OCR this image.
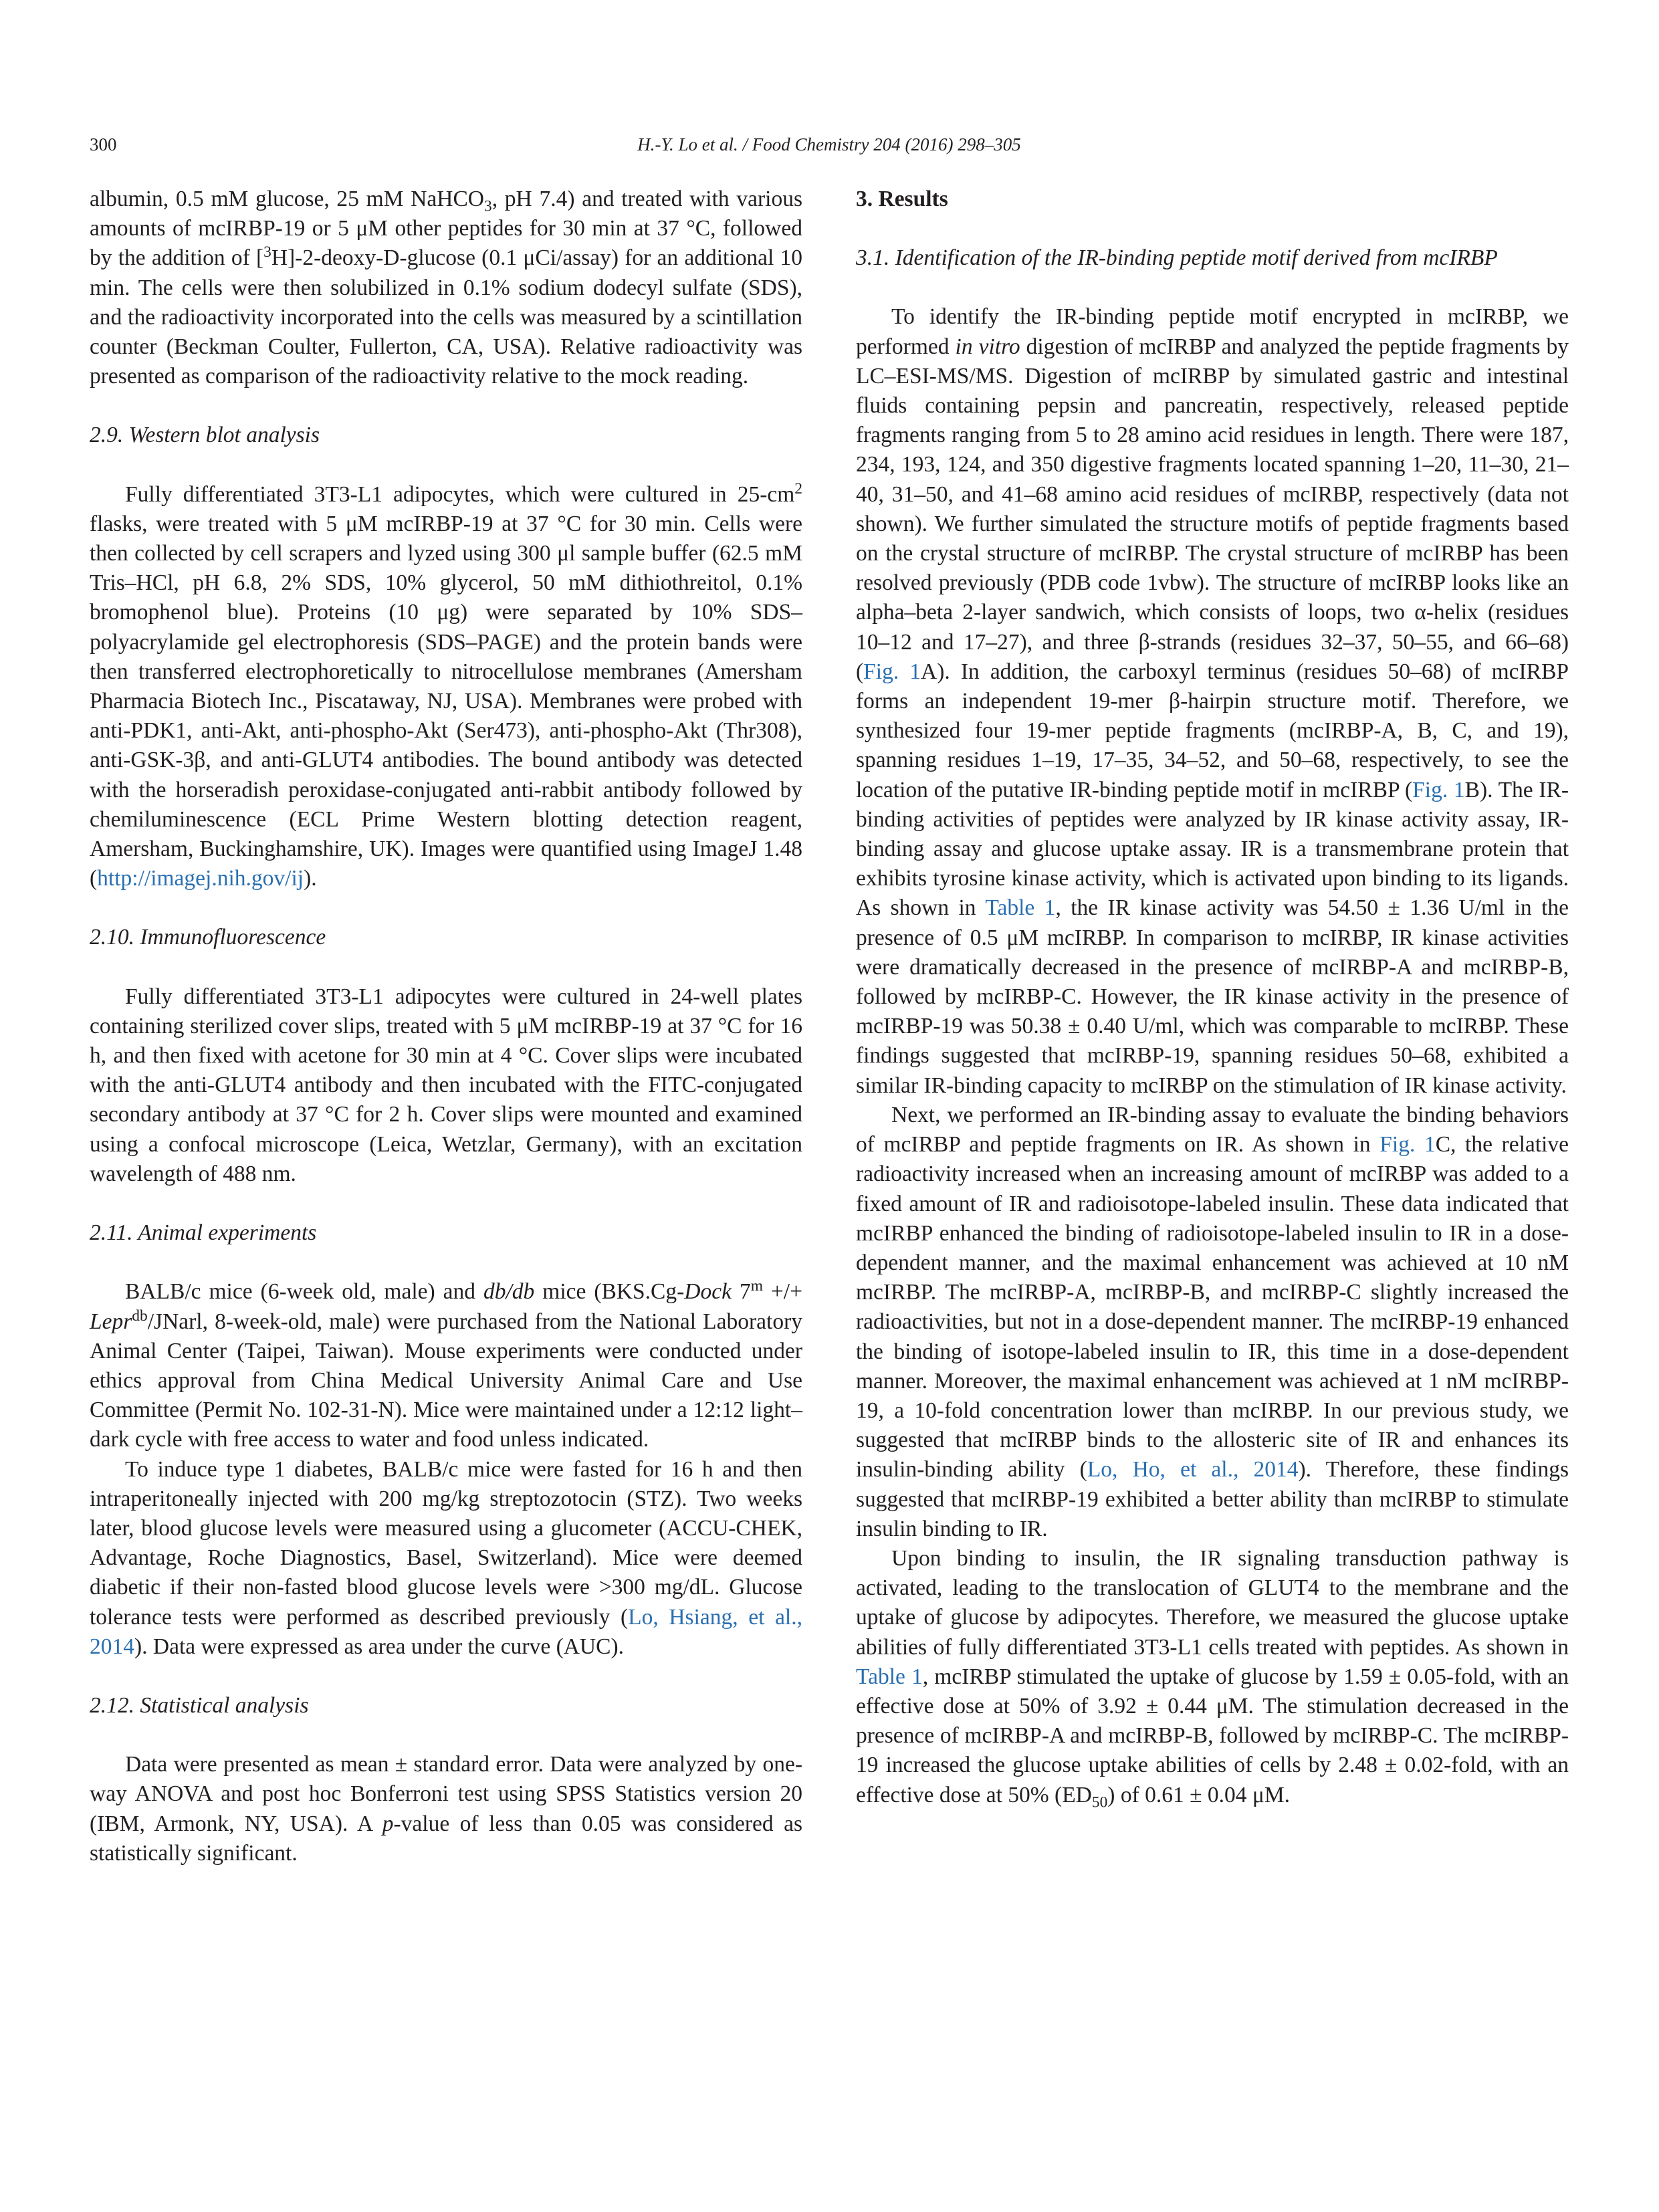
300	H.-Y. Lo et al. / Food Chemistry 204 (2016) 298–305

albumin, 0.5 mM glucose, 25 mM NaHCO$_3$, pH 7.4) and treated with various amounts of mcIRBP-19 or 5 μM other peptides for 30 min at 37 °C, followed by the addition of [$^3$H]-2-deoxy-D-glucose (0.1 μCi/assay) for an additional 10 min. The cells were then solubilized in 0.1% sodium dodecyl sulfate (SDS), and the radioactivity incorporated into the cells was measured by a scintillation counter (Beckman Coulter, Fullerton, CA, USA). Relative radioactivity was presented as comparison of the radioactivity relative to the mock reading.

2.9. Western blot analysis

Fully differentiated 3T3-L1 adipocytes, which were cultured in $25-cm^2$ flasks, were treated with 5 μM mcIRBP-19 at 37 °C for 30 min. Cells were then collected by cell scrapers and lyzed using 300 μl sample buffer (62.5 mM Tris–HCl, pH 6.8, 2% SDS, 10% glycerol, 50 mM dithiothreitol, 0.1% bromophenol blue). Proteins (10 μg) were separated by 10% SDS–polyacrylamide gel electrophoresis (SDS–PAGE) and the protein bands were then transferred electrophoretically to nitrocellulose membranes (Amersham Pharmacia Biotech Inc., Piscataway, NJ, USA). Membranes were probed with anti-PDK1, anti-Akt, anti-phospho-Akt (Ser473), anti-phospho-Akt (Thr308), anti-GSK-3β, and anti-GLUT4 antibodies. The bound antibody was detected with the horseradish peroxidase-conjugated anti-rabbit antibody followed by chemiluminescence (ECL Prime Western blotting detection reagent, Amersham, Buckinghamshire, UK). Images were quantified using ImageJ 1.48 (http://imagej.nih.gov/ij).

2.10. Immunofluorescence

Fully differentiated 3T3-L1 adipocytes were cultured in 24-well plates containing sterilized cover slips, treated with 5 μM mcIRBP-19 at 37 °C for 16 h, and then fixed with acetone for 30 min at 4 °C. Cover slips were incubated with the anti-GLUT4 antibody and then incubated with the FITC-conjugated secondary antibody at 37 °C for 2 h. Cover slips were mounted and examined using a confocal microscope (Leica, Wetzlar, Germany), with an excitation wavelength of 488 nm.

2.11. Animal experiments

BALB/c mice (6-week old, male) and db/db mice (BKS.Cg-Dock $7^m$ +/+ Lepr$^{db}$/JNarl, 8-week-old, male) were purchased from the National Laboratory Animal Center (Taipei, Taiwan). Mouse experiments were conducted under ethics approval from China Medical University Animal Care and Use Committee (Permit No. 102-31-N). Mice were maintained under a 12:12 light–dark cycle with free access to water and food unless indicated.

To induce type 1 diabetes, BALB/c mice were fasted for 16 h and then intraperitoneally injected with 200 mg/kg streptozotocin (STZ). Two weeks later, blood glucose levels were measured using a glucometer (ACCU-CHEK, Advantage, Roche Diagnostics, Basel, Switzerland). Mice were deemed diabetic if their non-fasted blood glucose levels were >300 mg/dL. Glucose tolerance tests were performed as described previously (Lo, Hsiang, et al., 2014). Data were expressed as area under the curve (AUC).

2.12. Statistical analysis

Data were presented as mean ± standard error. Data were analyzed by one-way ANOVA and post hoc Bonferroni test using SPSS Statistics version 20 (IBM, Armonk, NY, USA). A p-value of less than 0.05 was considered as statistically significant.

3. Results

3.1. Identification of the IR-binding peptide motif derived from mcIRBP

To identify the IR-binding peptide motif encrypted in mcIRBP, we performed in vitro digestion of mcIRBP and analyzed the peptide fragments by LC–ESI-MS/MS. Digestion of mcIRBP by simulated gastric and intestinal fluids containing pepsin and pancreatin, respectively, released peptide fragments ranging from 5 to 28 amino acid residues in length. There were 187, 234, 193, 124, and 350 digestive fragments located spanning 1–20, 11–30, 21–40, 31–50, and 41–68 amino acid residues of mcIRBP, respectively (data not shown). We further simulated the structure motifs of peptide fragments based on the crystal structure of mcIRBP. The crystal structure of mcIRBP has been resolved previously (PDB code 1vbw). The structure of mcIRBP looks like an alpha–beta 2-layer sandwich, which consists of loops, two α-helix (residues 10–12 and 17–27), and three β-strands (residues 32–37, 50–55, and 66–68) (Fig. 1A). In addition, the carboxyl terminus (residues 50–68) of mcIRBP forms an independent 19-mer β-hairpin structure motif. Therefore, we synthesized four 19-mer peptide fragments (mcIRBP-A, B, C, and 19), spanning residues 1–19, 17–35, 34–52, and 50–68, respectively, to see the location of the putative IR-binding peptide motif in mcIRBP (Fig. 1B). The IR-binding activities of peptides were analyzed by IR kinase activity assay, IR-binding assay and glucose uptake assay. IR is a transmembrane protein that exhibits tyrosine kinase activity, which is activated upon binding to its ligands. As shown in Table 1, the IR kinase activity was 54.50 ± 1.36 U/ml in the presence of 0.5 μM mcIRBP. In comparison to mcIRBP, IR kinase activities were dramatically decreased in the presence of mcIRBP-A and mcIRBP-B, followed by mcIRBP-C. However, the IR kinase activity in the presence of mcIRBP-19 was 50.38 ± 0.40 U/ml, which was comparable to mcIRBP. These findings suggested that mcIRBP-19, spanning residues 50–68, exhibited a similar IR-binding capacity to mcIRBP on the stimulation of IR kinase activity.

Next, we performed an IR-binding assay to evaluate the binding behaviors of mcIRBP and peptide fragments on IR. As shown in Fig. 1C, the relative radioactivity increased when an increasing amount of mcIRBP was added to a fixed amount of IR and radioisotope-labeled insulin. These data indicated that mcIRBP enhanced the binding of radioisotope-labeled insulin to IR in a dose-dependent manner, and the maximal enhancement was achieved at 10 nM mcIRBP. The mcIRBP-A, mcIRBP-B, and mcIRBP-C slightly increased the radioactivities, but not in a dose-dependent manner. The mcIRBP-19 enhanced the binding of isotope-labeled insulin to IR, this time in a dose-dependent manner. Moreover, the maximal enhancement was achieved at 1 nM mcIRBP-19, a 10-fold concentration lower than mcIRBP. In our previous study, we suggested that mcIRBP binds to the allosteric site of IR and enhances its insulin-binding ability (Lo, Ho, et al., 2014). Therefore, these findings suggested that mcIRBP-19 exhibited a better ability than mcIRBP to stimulate insulin binding to IR.

Upon binding to insulin, the IR signaling transduction pathway is activated, leading to the translocation of GLUT4 to the membrane and the uptake of glucose by adipocytes. Therefore, we measured the glucose uptake abilities of fully differentiated 3T3-L1 cells treated with peptides. As shown in Table 1, mcIRBP stimulated the uptake of glucose by 1.59 ± 0.05-fold, with an effective dose at 50% of 3.92 ± 0.44 μM. The stimulation decreased in the presence of mcIRBP-A and mcIRBP-B, followed by mcIRBP-C. The mcIRBP-19 increased the glucose uptake abilities of cells by 2.48 ± 0.02-fold, with an effective dose at 50% $(ED_{50})$ of 0.61 ± 0.04 μM.
